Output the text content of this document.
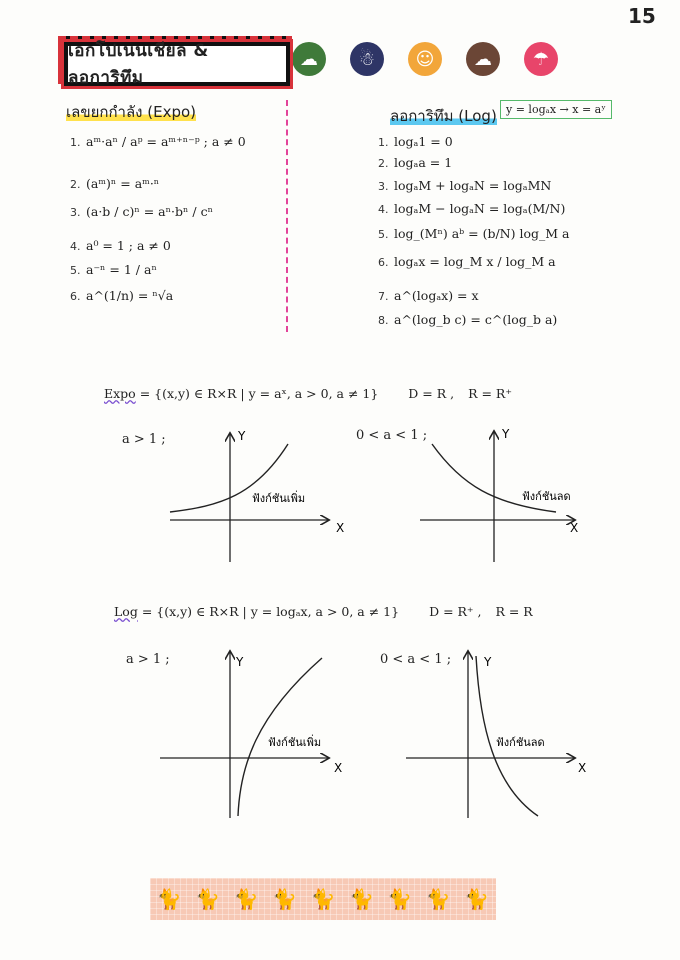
15
เอกโปเนนเชียล & ลอการิทึม
☁	☃	☺	☁	☂
เลขยกกำลัง (Expo)
1. aᵐ·aⁿ / aᵖ = aᵐ⁺ⁿ⁻ᵖ ; a ≠ 0
2. (aᵐ)ⁿ = aᵐ·ⁿ
3. (a·b / c)ⁿ = aⁿ·bⁿ / cⁿ
4. a⁰ = 1 ; a ≠ 0
5. a⁻ⁿ = 1 / aⁿ
6. a^(1/n) = ⁿ√a
ลอการิทึม (Log) y = logₐx → x = aʸ
1. logₐ1 = 0
2. logₐa = 1
3. logₐM + logₐN = logₐMN
4. logₐM − logₐN = logₐ(M/N)
5. log_(Mⁿ) aᵇ = (b/N) log_M a
6. logₐx = log_M x / log_M a
7. a^(logₐx) = x
8. a^(log_b c) = c^(log_b a)
Expo = {(x,y) ∈ R×R | y = aˣ, a > 0, a ≠ 1} D = R , R = R⁺
a > 1 ;	0 < a < 1 ;
X
Y
ฟังก์ชันเพิ่ม
X
Y
ฟังก์ชันลด
Log = {(x,y) ∈ R×R | y = logₐx, a > 0, a ≠ 1} D = R⁺ , R = R
a > 1 ;	0 < a < 1 ;
X
Y
ฟังก์ชันเพิ่ม
X
Y
ฟังก์ชันลด
🐈 🐈 🐈 🐈 🐈 🐈 🐈 🐈 🐈
